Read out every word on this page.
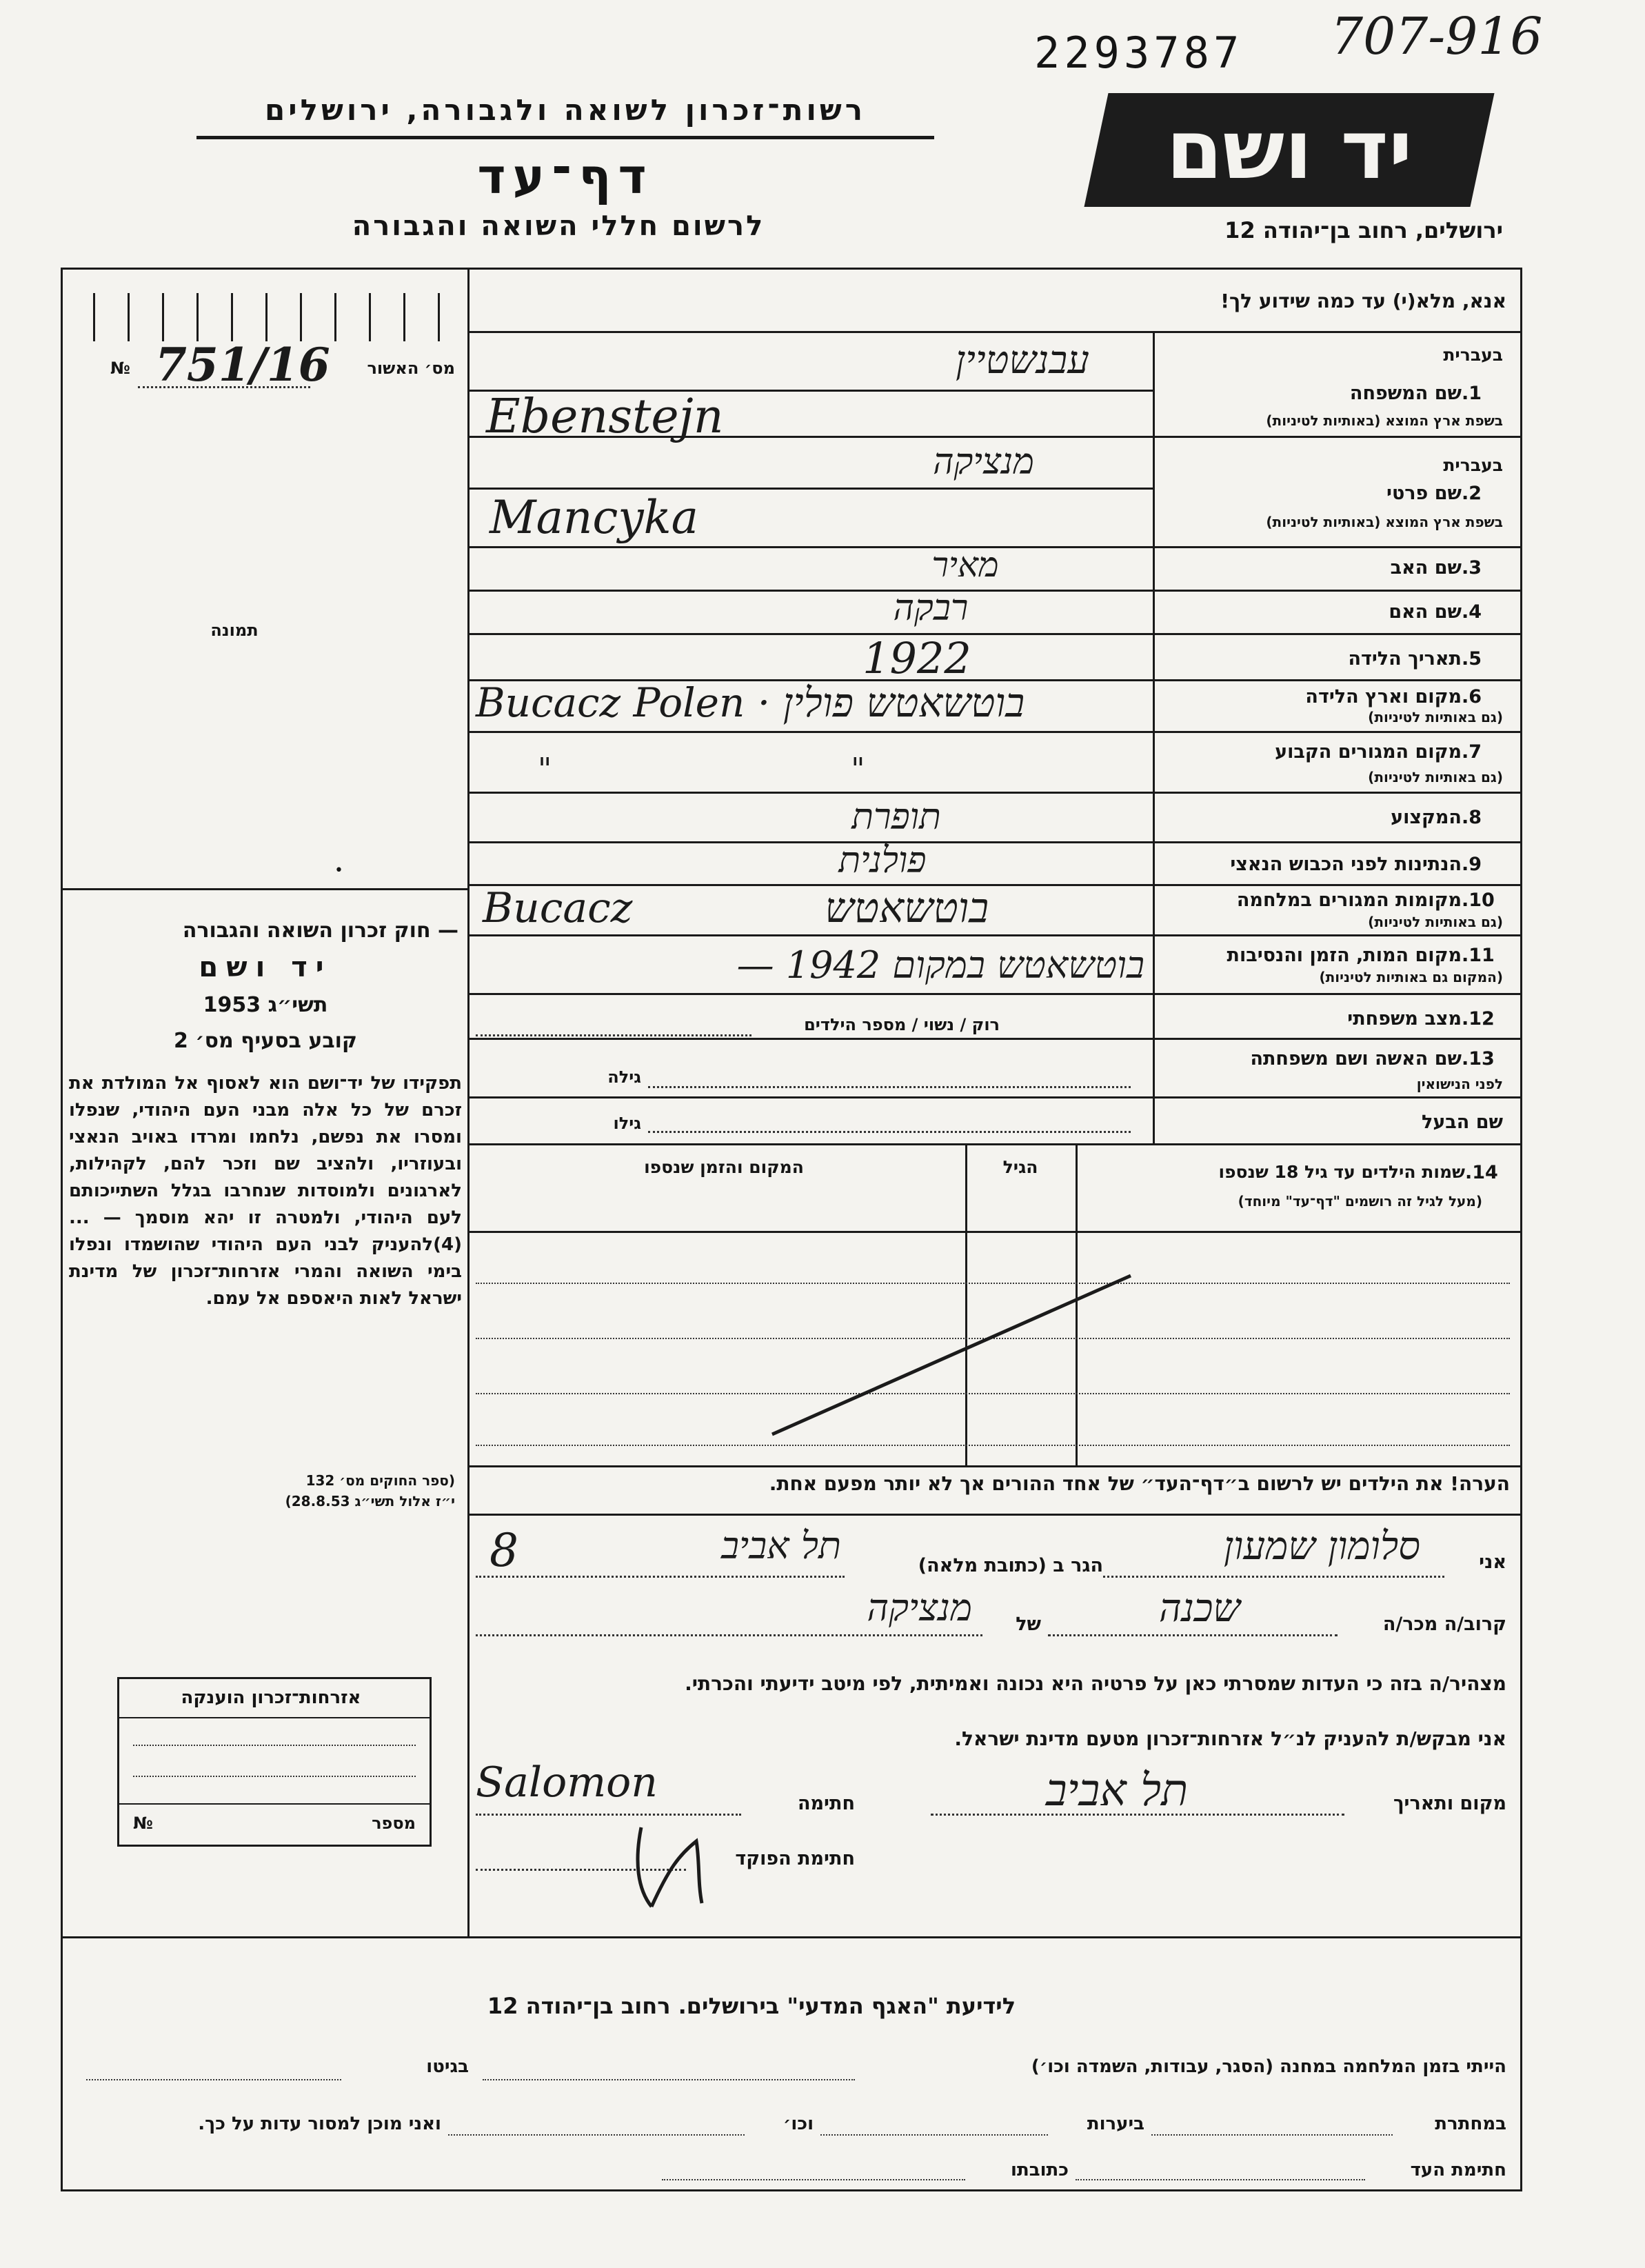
2293787 707-916
יד ושם
רשות־זכרון לשואה ולגבורה, ירושלים
דף־עד
לרשום חללי השואה והגבורה	ירושלים, רחוב בן־יהודה 12
№ 751/16	מס׳ האשור
תמונה
•
— חוק זכרון השואה והגבורה
יד ושם
תשי״ג 1953
קובע בסעיף מס׳ 2
תפקידו של יד־ושם הוא לאסוף אל המולדת את זכרם של כל אלה מבני העם היהודי, שנפלו ומסרו את נפשם, נלחמו ומרדו באויב הנאצי ובעוזריו, ולהציב שם וזכר להם, לקהילות, לארגונים ולמוסדות שנחרבו בגלל השתייכותם לעם היהודי, ולמטרה זו יהא מוסמך — ...(4)להעניק לבני העם היהודי שהושמדו ונפלו בימי השואה והמרי אזרחות־זכרון של מדינת ישראל לאות היאספם אל עמם.
(ספר החוקים מס׳ 132
י״ז אלול תשי״ג 28.8.53)
אזרחות־זכרון הוענקה
מספר
№
אנא, מלא(י) עד כמה שידוע לך!
בעברית
1.
שם המשפחה
בשפת ארץ המוצא (באותיות לטיניות)
עבנשטיין
Ebenstejn
בעברית
2.
שם פרטי
בשפת ארץ המוצא (באותיות לטיניות)
מנציקה
Mancyka
3.
שם האב
מאיר
4.
שם האם
רבקה
5.
תאריך הלידה
1922
6.
מקום וארץ הלידה
(גם באותיות לטיניות)
Bucacz Polen · בוטשאטש פולין
7.
מקום המגורים הקבוע
(גם באותיות לטיניות)
" "
8.
המקצוע
תופרת
9.
הנתינות לפני הכבוש הנאצי
פולנית
10.
מקומות המגורים במלחמה
(גם באותיות לטיניות)
Bucacz בוטשאטש
11.
מקום המות, הזמן והנסיבות
(המקום גם באותיות לטיניות)
בוטשאטש במקום 1942 —
12.
מצב משפחתי
רוק / נשוי / מספר הילדים
13.
שם האשה ושם משפחתה
לפני הנישואין
גילה
שם הבעל
גילו
14.
שמות הילדים עד גיל 18 שנספו
(מעל לגיל זה רושמים "דף־עד" מיוחד)
הגיל
המקום והזמן שנספו
הערה! את הילדים יש לרשום ב״דף־העד״ של אחד ההורים אך לא יותר מפעם אחת.
אני
סלומון שמעון
הגר ב (כתובת מלאה)
תל אביב
8
קרוב/ה מכר/ה
שכנה
של
מנציקה
מצהיר/ה בזה כי העדות שמסרתי כאן על פרטיה היא נכונה ואמיתית, לפי מיטב ידיעתי והכרתי.
אני מבקש/ת להעניק לנ״ל אזרחות־זכרון מטעם מדינת ישראל.
מקום ותאריך
תל אביב
חתימה
Salomon
חתימת הפוקד
לידיעת "האגף המדעי" בירושלים. רחוב בן־יהודה 12
הייתי בזמן המלחמה במחנה (הסגר, עבודות, השמדה וכו׳)
בגיטו
במחתרת
ביערות
וכו׳
ואני מוכן למסור עדות על כך.
חתימת העד
כתובתו
